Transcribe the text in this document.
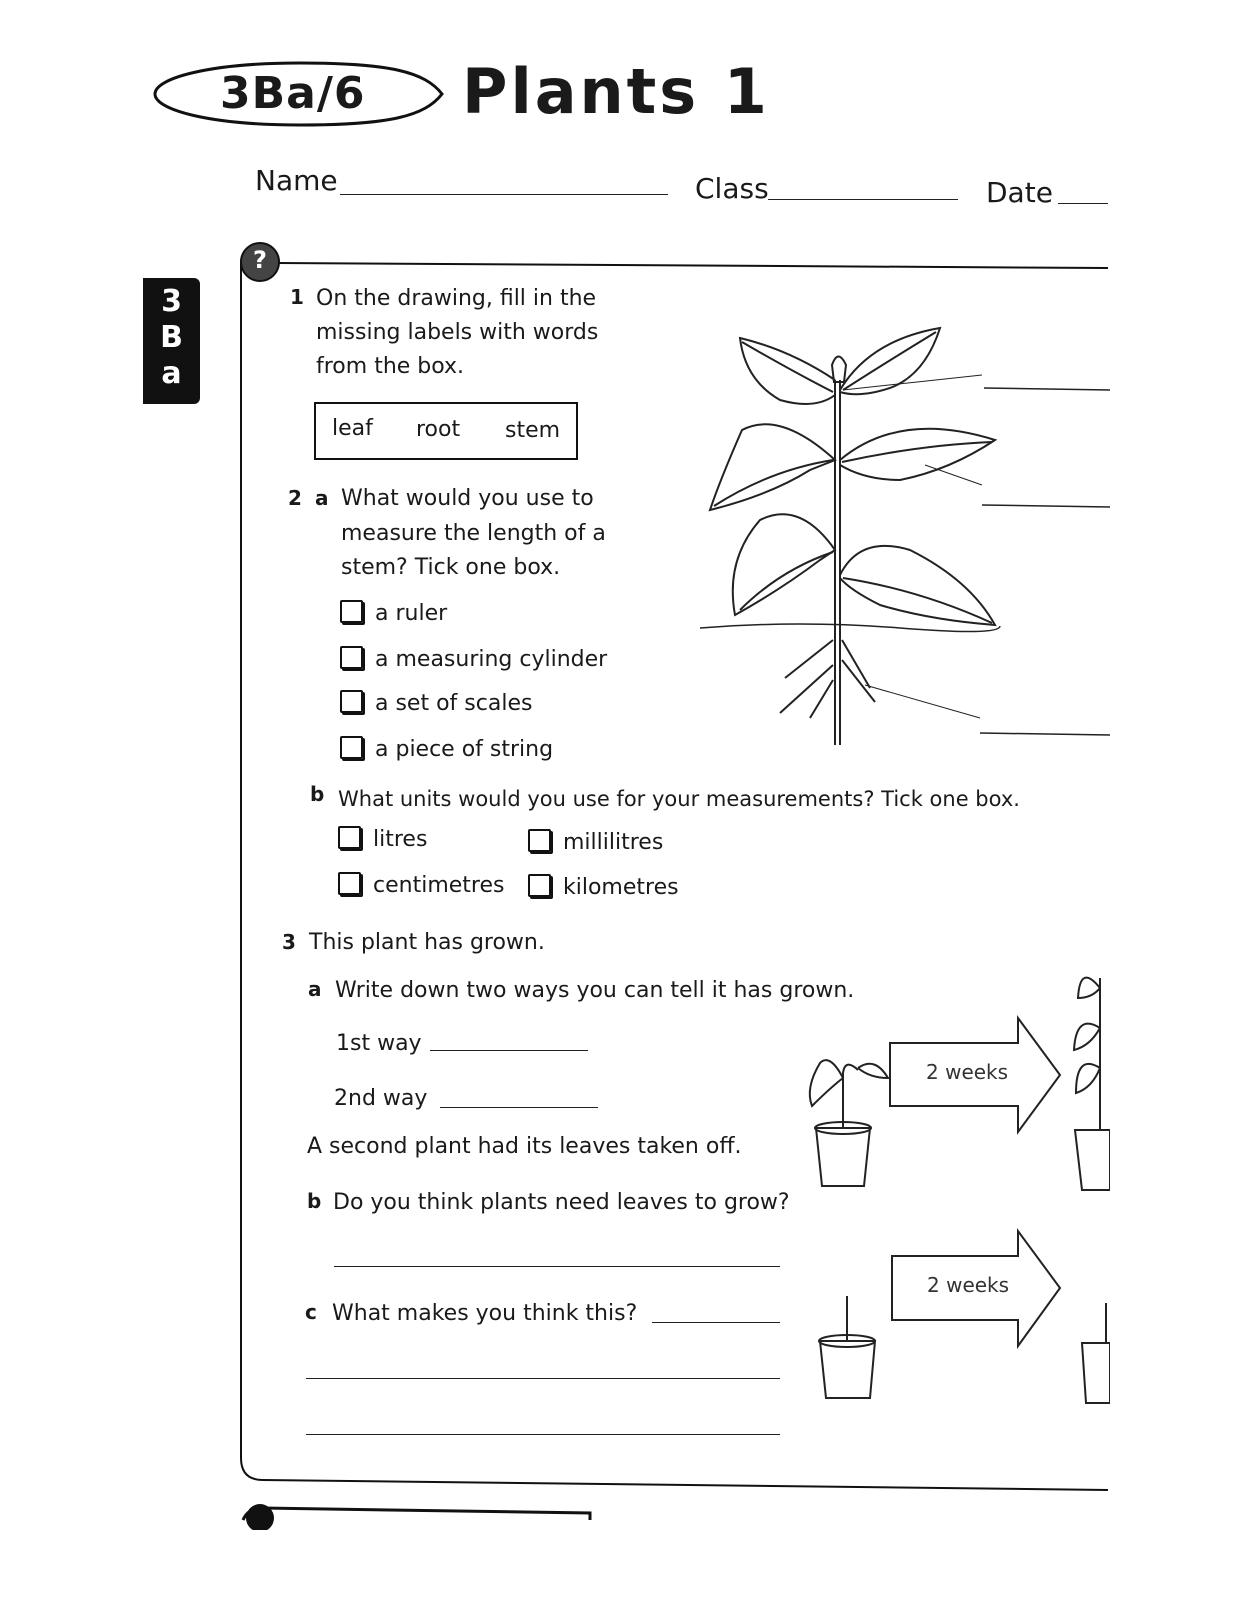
3Ba/6 Plants 1
Name	Class	Date
3
B
a
?
1 On the drawing, fill in the
missing labels with words
from the box.
leaf root stem
2 a What would you use to
measure the length of a
stem? Tick one box.
a ruler
a measuring cylinder
a set of scales
a piece of string
b What units would you use for your measurements? Tick one box.
litres	millilitres
centimetres	kilometres
3 This plant has grown.
a Write down two ways you can tell it has grown.
1st way
2nd way
A second plant had its leaves taken off.
b Do you think plants need leaves to grow?
c What makes you think this?
2 weeks
2 weeks
